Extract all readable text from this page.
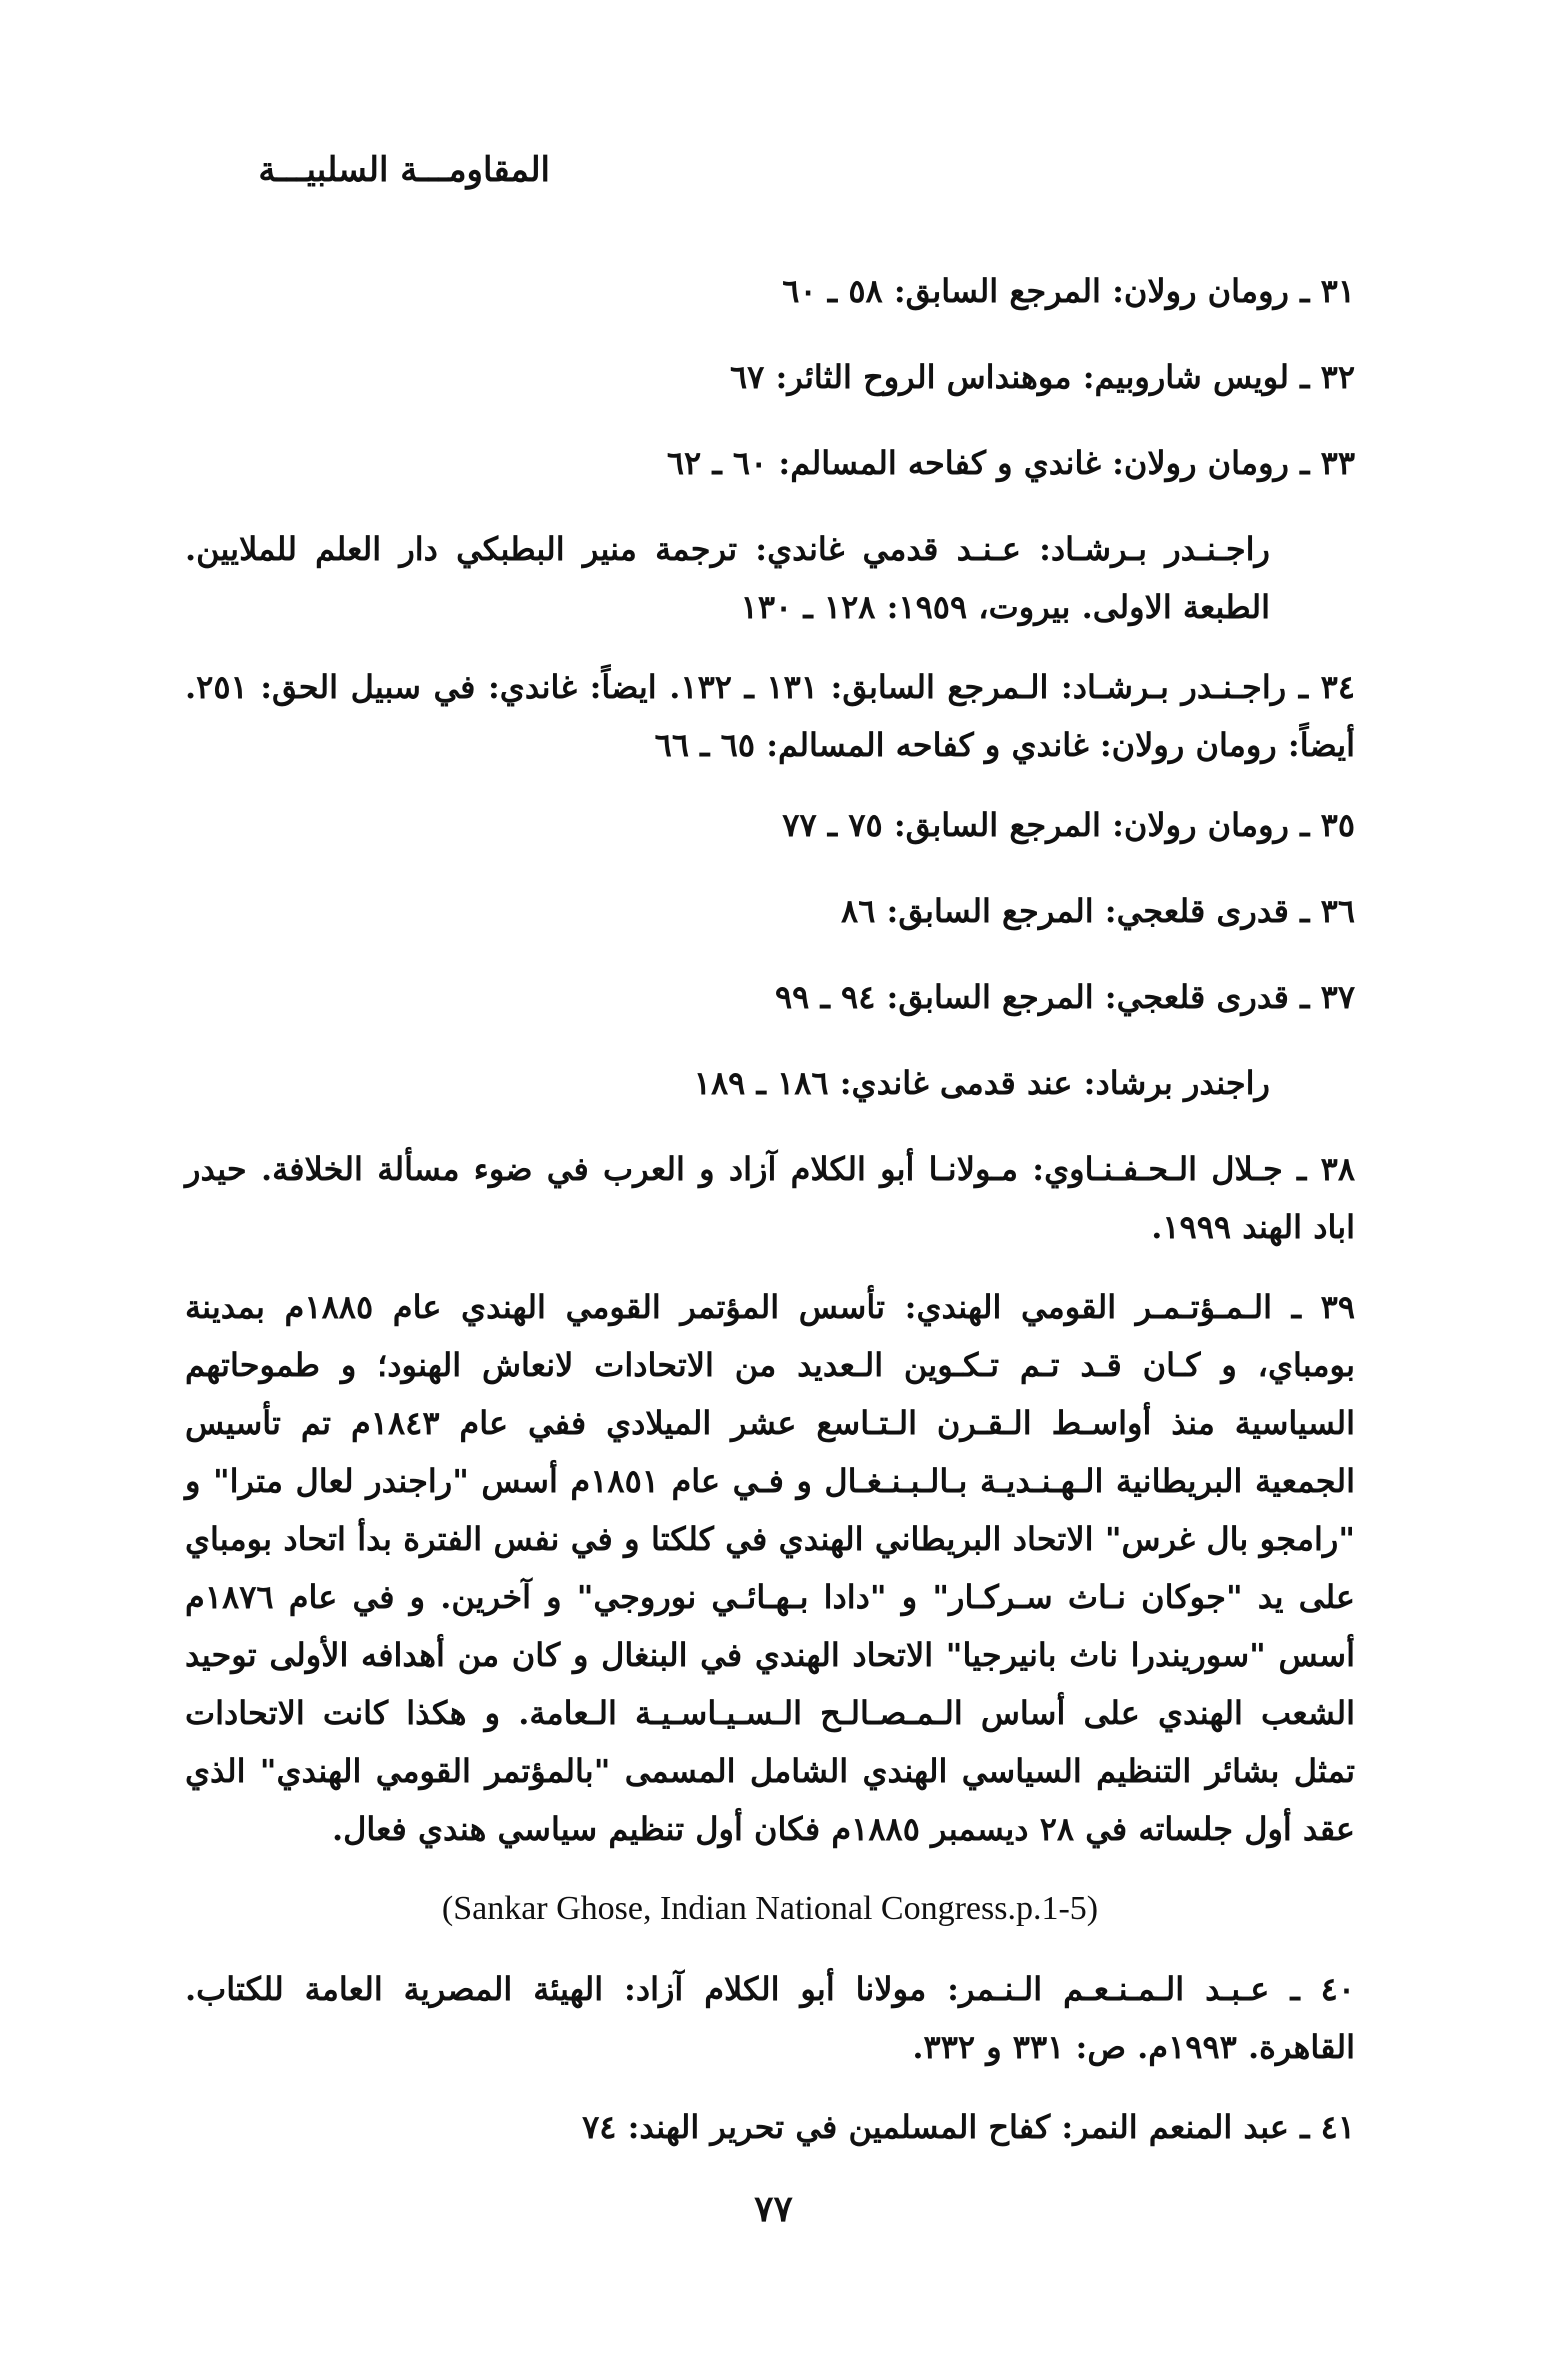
المقاومـــة السلبيـــة

٣١ ـ رومان رولان: المرجع السابق: ٥٨ ـ ٦٠

٣٢ ـ لويس شاروبيم: موهنداس الروح الثائر: ٦٧

٣٣ ـ رومان رولان: غاندي و كفاحه المسالم: ٦٠ ـ ٦٢

راجـنـدر بـرشـاد: عـنـد قدمي غاندي: ترجمة منير البطبكي دار العلم للملايين. الطبعة الاولى. بيروت، ١٩٥٩: ١٢٨ ـ ١٣٠

٣٤ ـ راجـنـدر بـرشـاد: الـمرجع السابق: ١٣١ ـ ١٣٢. ايضاً: غاندي: في سبيل الحق: ٢٥١. أيضاً: رومان رولان: غاندي و كفاحه المسالم: ٦٥ ـ ٦٦

٣٥ ـ رومان رولان: المرجع السابق: ٧٥ ـ ٧٧

٣٦ ـ قدرى قلعجي: المرجع السابق: ٨٦

٣٧ ـ قدرى قلعجي: المرجع السابق: ٩٤ ـ ٩٩

راجندر برشاد: عند قدمى غاندي: ١٨٦ ـ ١٨٩

٣٨ ـ جـلال الـحـفـنـاوي: مـولانـا أبو الكلام آزاد و العرب في ضوء مسألة الخلافة. حيدر اباد الهند ١٩٩٩.

٣٩ ـ الـمـؤتـمـر القومي الهندي: تأسس المؤتمر القومي الهندي عام ١٨٨٥م بمدينة بومباي، و كـان قـد تـم تـكـوين الـعديد من الاتحادات لانعاش الهنود؛ و طموحاتهم السياسية منذ أواسـط الـقـرن الـتـاسع عشر الميلادي ففي عام ١٨٤٣م تم تأسيس الجمعية البريطانية الـهـنـديـة بـالـبـنـغـال و فـي عام ١٨٥١م أسس "راجندر لعال مترا" و "رامجو بال غرس" الاتحاد البريطاني الهندي في كلكتا و في نفس الفترة بدأ اتحاد بومباي على يد "جوكان نـاث سـركـار" و "دادا بـهـائـي نوروجي" و آخرين. و في عام ١٨٧٦م أسس "سوريندرا ناث بانيرجيا" الاتحاد الهندي في البنغال و كان من أهدافه الأولى توحيد الشعب الهندي على أساس الـمـصـالـح الـسـيـاسـيـة الـعامة. و هكذا كانت الاتحادات تمثل بشائر التنظيم السياسي الهندي الشامل المسمى "بالمؤتمر القومي الهندي" الذي عقد أول جلساته في ٢٨ ديسمبر ١٨٨٥م فكان أول تنظيم سياسي هندي فعال.

(Sankar Ghose, Indian National Congress.p.1-5)

٤٠ ـ عـبـد الـمـنـعـم الـنـمر: مولانا أبو الكلام آزاد: الهيئة المصرية العامة للكتاب. القاهرة. ١٩٩٣م. ص: ٣٣١ و ٣٣٢.

٤١ ـ عبد المنعم النمر: كفاح المسلمين في تحرير الهند: ٧٤

٧٧
